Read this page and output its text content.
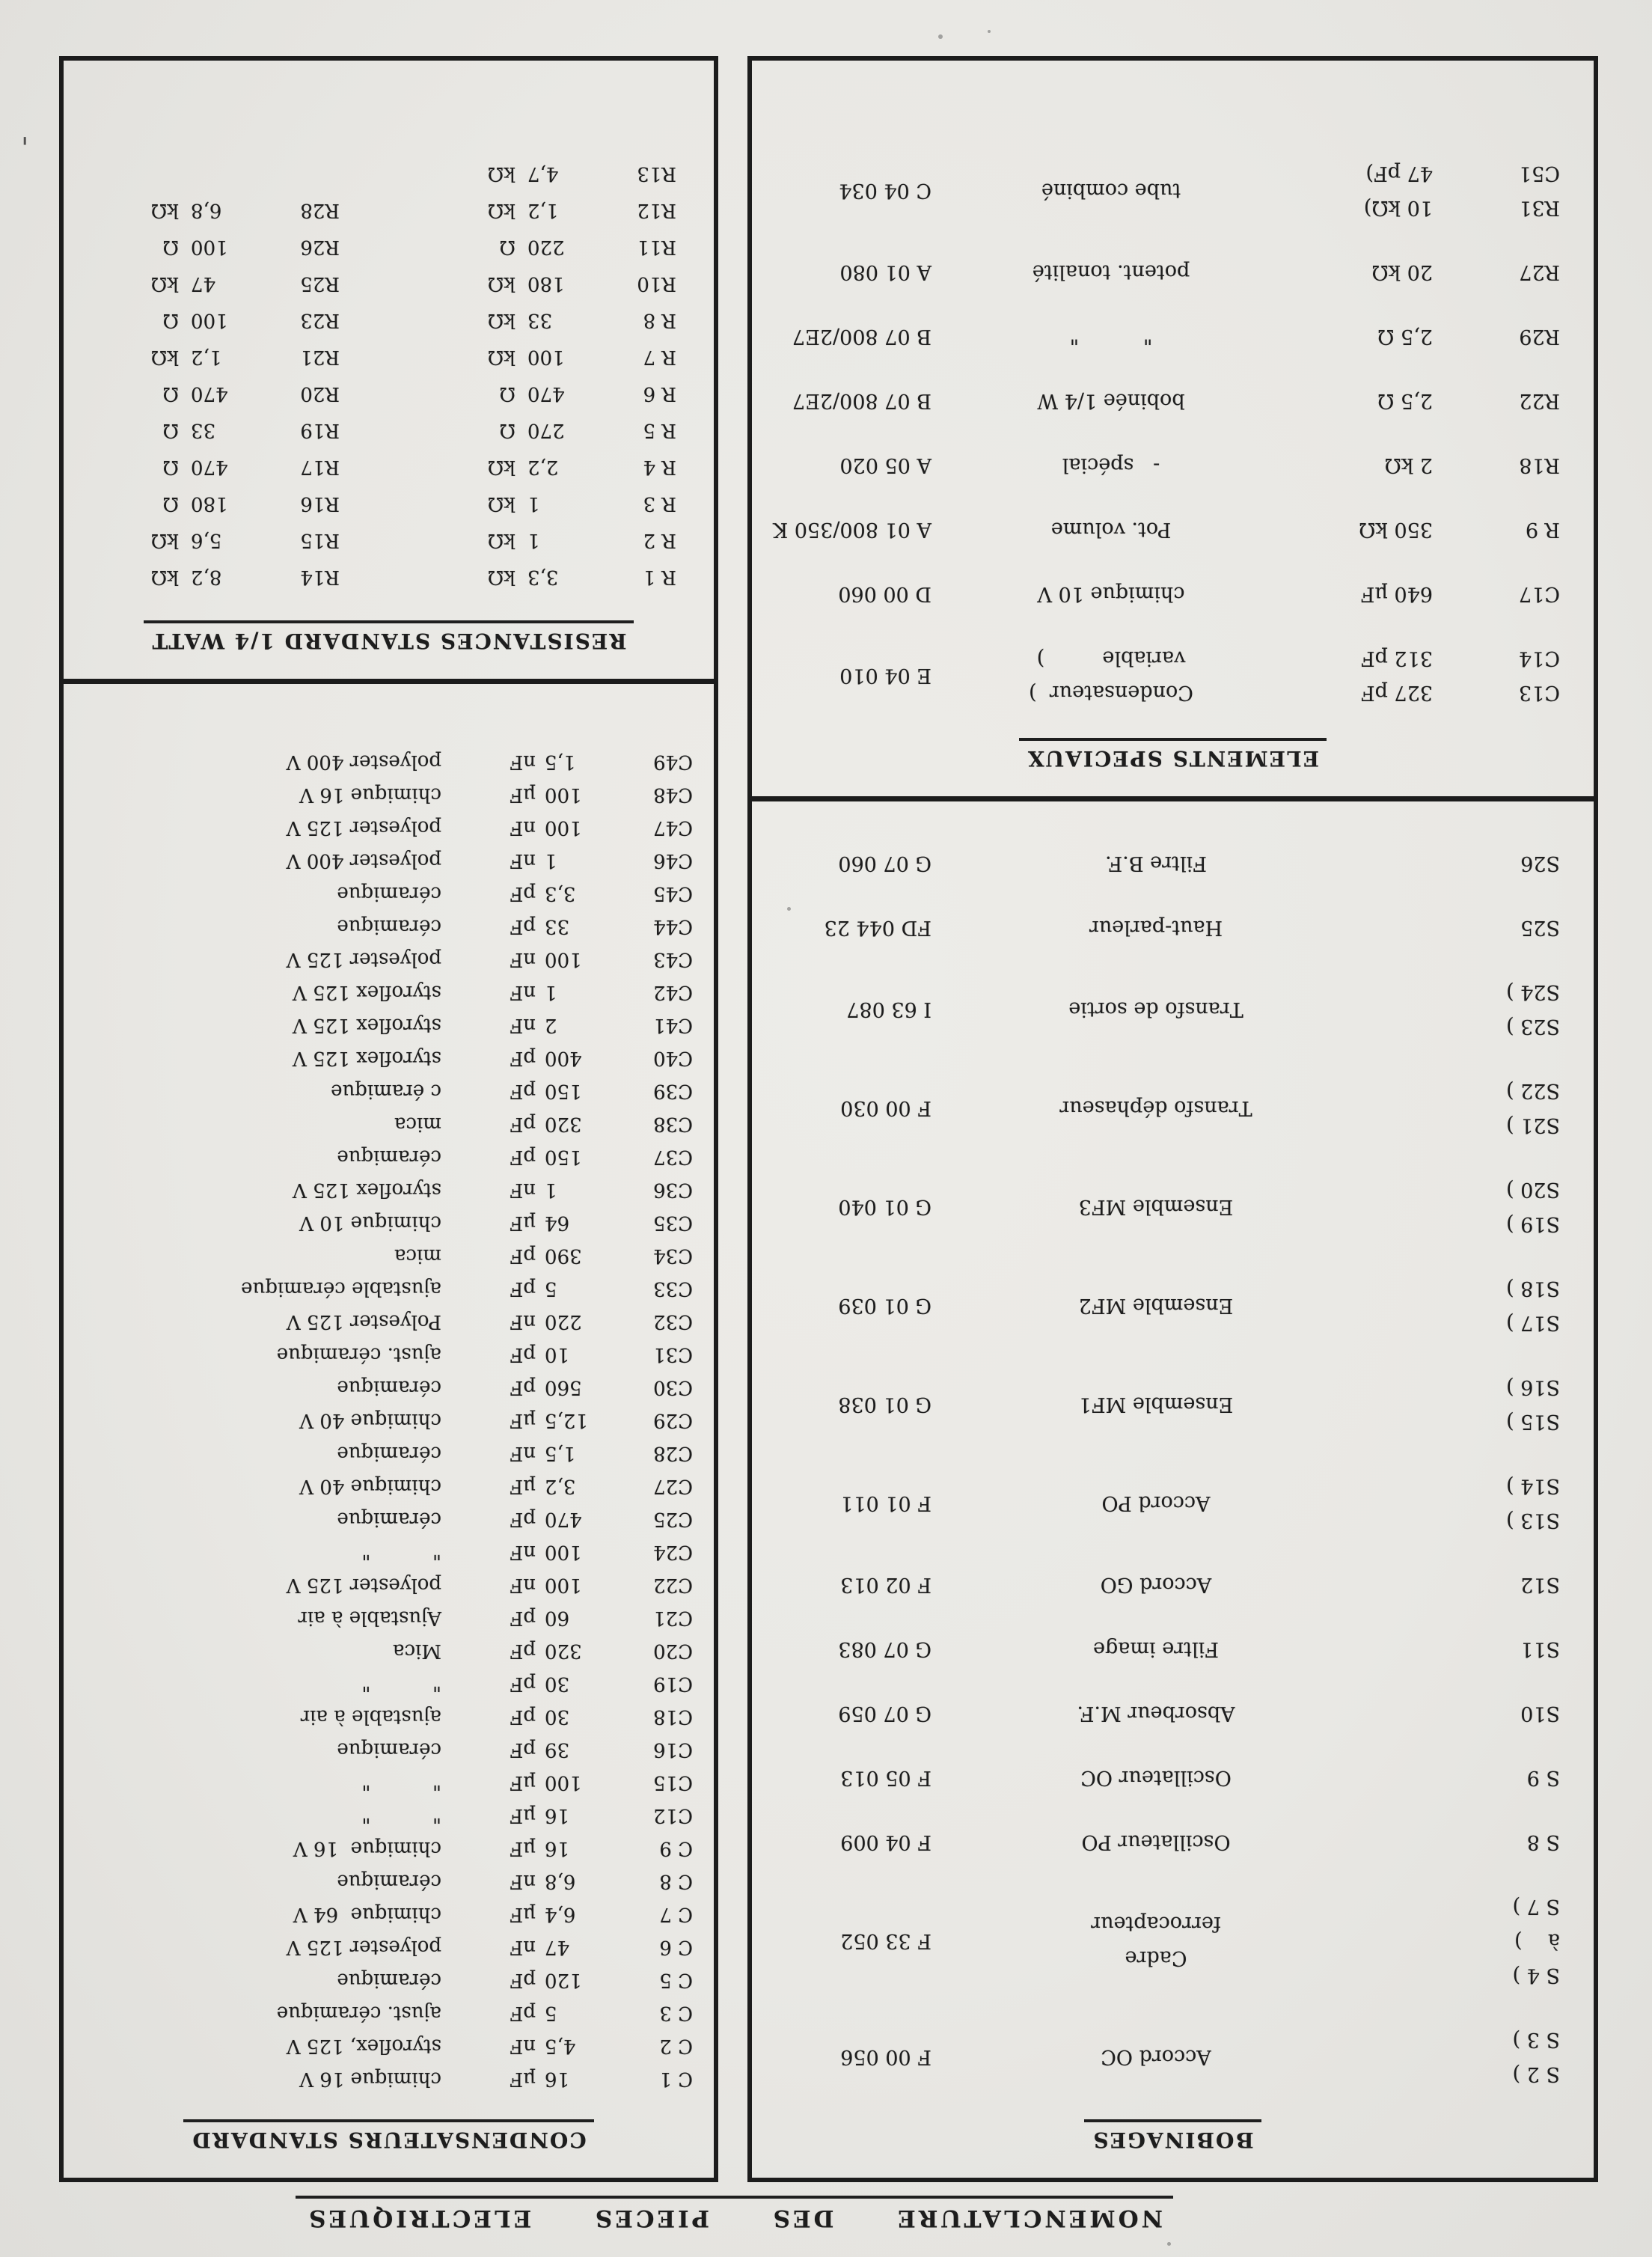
NOMENCLATURE  DES  PIECES  ELECTRIQUES
BOBINAGES
S 2 )
S 3 )
Accord OC
F 00 056
S 4 )
à    )
S 7 )
Cadre
ferrocapteur
F 33 052
S 8
Oscillateur PO
F 04 009
S 9
Oscillateur OC
F 05 013
S10
Absorbeur M.F.
G 07 059
S11
Filtre image
G 07 083
S12
Accord GO
F 02 013
S13 )
S14 )
Accord PO
F 01 011
S15 )
S16 )
Ensemble MF1
G 01 038
S17 )
S18 )
Ensemble MF2
G 01 039
S19 )
S20 )
Ensemble MF3
G 01 040
S21 )
S22 )
Transfo déphaseur
F 00 030
S23 )
S24 )
Transfo de sortie
I 63 087
S25
Haut-parleur
FD 044 23
S26
Filtre B.F.
G 07 060
ELEMENTS SPECIAUX
C13
C14
327 pF
312 pF
Condensateur  )
variable         )
E 04 010
C17
640 µF
chimique 10 V
D 00 060
R 9
350 kΩ
Pot. volume
A 01 800/350 K
R18
2 kΩ
-   spécial
A 05 020
R22
2,5 Ω
bobinée 1/4 W
B 07 800/2E7
R29
2,5 Ω
"          "
B 07 800/2E7
R27
20 kΩ
potent. tonalité
A 01 080
R31
C51
10 kΩ)
47 pF)
tube combiné
C 04 034
CONDENSATEURS STANDARD
C 1
16
µF
chimique 16 V
C 2
4,5
nF
styroflex, 125 V
C 3
5
pF
ajust. céramique
C 5
120
pF
céramique
C 6
47
nF
polyester 125 V
C 7
6,4
µF
chimique  64 V
C 8
6,8
nF
céramique
C 9
16
µF
chimique  16 V
C12
16
µF
"          "
C15
100
µF
"          "
C16
39
pF
céramique
C18
30
pF
ajustable à air
C19
30
pF
"          "
C20
320
pF
Mica
C21
60
pF
Ajustable à air
C22
100
nF
polyester 125 V
C24
100
nF
"          "
C25
470
pF
céramique
C27
3,2
µF
chimique 40 V
C28
1,5
nF
céramique
C29
12,5
µF
chimique 40 V
C30
560
pF
céramique
C31
10
pF
ajust. céramique
C32
220
nF
Polyester 125 V
C33
5
pF
ajustable céramique
C34
390
pF
mica
C35
64
µF
chimique 10 V
C36
1
nF
styroflex 125 V
C37
150
pF
céramique
C38
320
pF
mica
C39
150
pF
c éramique
C40
400
pF
styroflex 125 V
C41
2
nF
styroflex 125 V
C42
1
nF
styroflex 125 V
C43
100
nF
polyester 125 V
C44
33
pF
céramique
C45
3,3
pF
céramique
C46
1
nF
polyester 400 V
C47
100
nF
polyester 125 V
C48
100
µF
chimique 16 V
C49
1,5
nF
polyester 400 V
RESISTANCES STANDARD 1/4 WATT
R 1
3,3
kΩ
R 2
1
kΩ
R 3
1
kΩ
R 4
2,2
kΩ
R 5
270
Ω
R 6
470
Ω
R 7
100
kΩ
R 8
33
kΩ
R10
180
kΩ
R11
220
Ω
R12
1,2
kΩ
R13
4,7
kΩ
R14
8,2
kΩ
R15
5,6
kΩ
R16
180
Ω
R17
470
Ω
R19
33
Ω
R20
470
Ω
R21
1,2
kΩ
R23
100
Ω
R25
47
kΩ
R26
100
Ω
R28
6,8
kΩ
'
